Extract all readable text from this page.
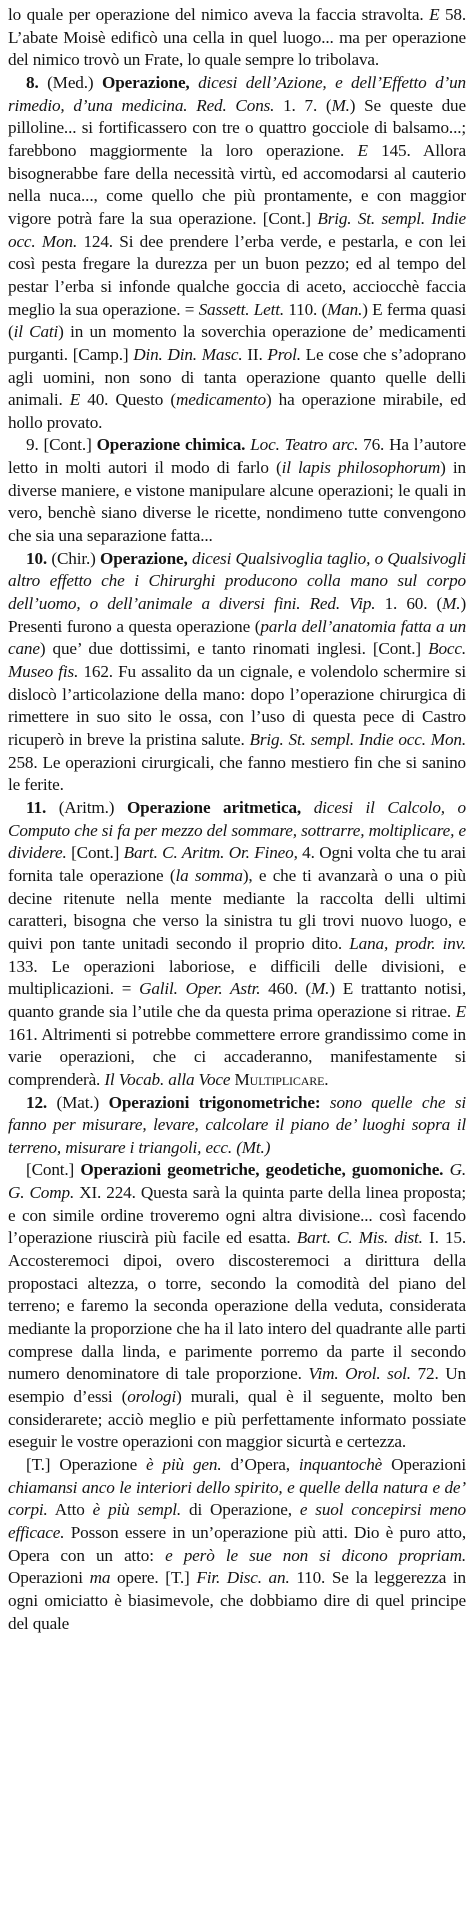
lo quale per operazione del nimico aveva la faccia stravolta. E 58. L’abate Moisè edificò una cella in quel luogo... ma per operazione del nimico trovò un Frate, lo quale sempre lo tribolava.

8. (Med.) Operazione, dicesi dell’Azione, e dell’Effetto d’un rimedio, d’una medicina. Red. Cons. 1. 7. (M.) Se queste due pilloline... si fortificassero con tre o quattro gocciole di balsamo...; farebbono maggiormente la loro operazione. E 145. Allora bisognerabbe fare della necessità virtù, ed accomodarsi al cauterio nella nuca..., come quello che più prontamente, e con maggior vigore potrà fare la sua operazione. [Cont.] Brig. St. sempl. Indie occ. Mon. 124. Si dee prendere l’erba verde, e pestarla, e con lei così pesta fregare la durezza per un buon pezzo; ed al tempo del pestar l’erba si infonde qualche goccia di aceto, acciocchè faccia meglio la sua operazione. = Sassett. Lett. 110. (Man.) E ferma quasi (il Cati) in un momento la soverchia operazione de’ medicamenti purganti. [Camp.] Din. Din. Masc. II. Prol. Le cose che s’adoprano agli uomini, non sono di tanta operazione quanto quelle delli animali. E 40. Questo (medicamento) ha operazione mirabile, ed hollo provato.

9. [Cont.] Operazione chimica. Loc. Teatro arc. 76. Ha l’autore letto in molti autori il modo di farlo (il lapis philosophorum) in diverse maniere, e vistone manipulare alcune operazioni; le quali in vero, benchè siano diverse le ricette, nondimeno tutte convengono che sia una separazione fatta...

10. (Chir.) Operazione, dicesi Qualsivoglia taglio, o Qualsivogli altro effetto che i Chirurghi producono colla mano sul corpo dell’uomo, o dell’animale a diversi fini. Red. Vip. 1. 60. (M.) Presenti furono a questa operazione (parla dell’anatomia fatta a un cane) que’ due dottissimi, e tanto rinomati inglesi. [Cont.] Bocc. Museo fis. 162. Fu assalito da un cignale, e volendolo schermire si dislocò l’articolazione della mano: dopo l’operazione chirurgica di rimettere in suo sito le ossa, con l’uso di questa pece di Castro ricuperò in breve la pristina salute. Brig. St. sempl. Indie occ. Mon. 258. Le operazioni cirurgicali, che fanno mestiero fin che si sanino le ferite.

11. (Aritm.) Operazione aritmetica, dicesi il Calcolo, o Computo che si fa per mezzo del sommare, sottrarre, moltiplicare, e dividere. [Cont.] Bart. C. Aritm. Or. Fineo, 4. Ogni volta che tu arai fornita tale operazione (la somma), e che ti avanzarà o una o più decine ritenute nella mente mediante la raccolta delli ultimi caratteri, bisogna che verso la sinistra tu gli trovi nuovo luogo, e quivi pon tante unitadi secondo il proprio dito. Lana, prodr. inv. 133. Le operazioni laboriose, e difficili delle divisioni, e multiplicazioni. = Galil. Oper. Astr. 460. (M.) E trattanto notisi, quanto grande sia l’utile che da questa prima operazione si ritrae. E 161. Altrimenti si potrebbe commettere errore grandissimo come in varie operazioni, che ci accaderanno, manifestamente si comprenderà. Il Vocab. alla Voce Multiplicare.

12. (Mat.) Operazioni trigonometriche: sono quelle che si fanno per misurare, levare, calcolare il piano de’ luoghi sopra il terreno, misurare i triangoli, ecc. (Mt.)

[Cont.] Operazioni geometriche, geodetiche, guomoniche. G. G. Comp. XI. 224. Questa sarà la quinta parte della linea proposta; e con simile ordine troveremo ogni altra divisione... così facendo l’operazione riuscirà più facile ed esatta. Bart. C. Mis. dist. I. 15. Accosteremoci dipoi, overo discosteremoci a dirittura della propostaci altezza, o torre, secondo la comodità del piano del terreno; e faremo la seconda operazione della veduta, considerata mediante la proporzione che ha il lato intero del quadrante alle parti comprese dalla linda, e parimente porremo da parte il secondo numero denominatore di tale proporzione. Vim. Orol. sol. 72. Un esempio d’essi (orologi) murali, qual è il seguente, molto ben considerarete; acciò meglio e più perfettamente informato possiate eseguir le vostre operazioni con maggior sicurtà e certezza.

[T.] Operazione è più gen. d’Opera, inquantochè Operazioni chiamansi anco le interiori dello spirito, e quelle della natura e de’ corpi. Atto è più sempl. di Operazione, e suol concepirsi meno efficace. Posson essere in un’operazione più atti. Dio è puro atto, Opera con un atto: e però le sue non si dicono propriam. Operazioni ma opere. [T.] Fir. Disc. an. 110. Se la leggerezza in ogni omiciatto è biasimevole, che dobbiamo dire di quel principe del quale
